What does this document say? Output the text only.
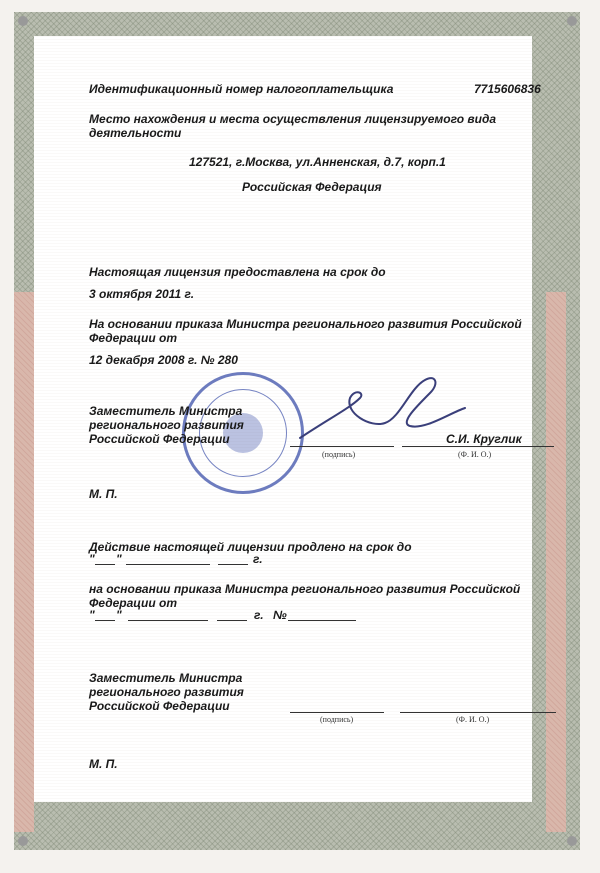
Идентификационный номер налогоплательщика	7715606836
Место нахождения и места осуществления лицензируемого вида
деятельности
127521, г.Москва, ул.Анненская, д.7, корп.1
Российская Федерация
Настоящая лицензия предоставлена на срок до
3 октября 2011 г.
На основании приказа Министра регионального развития Российской
Федерации от
12 декабря 2008 г. № 280
Заместитель Министра
регионального развития
Российской Федерации	С.И. Круглик
(подпись)	(Ф. И. О.)
М. П.
Действие настоящей лицензии продлено на срок до
" "	г.
на основании приказа Министра регионального развития Российской
Федерации от
" "	г. №
Заместитель Министра
регионального развития
Российской Федерации
(подпись)	(Ф. И. О.)
М. П.
